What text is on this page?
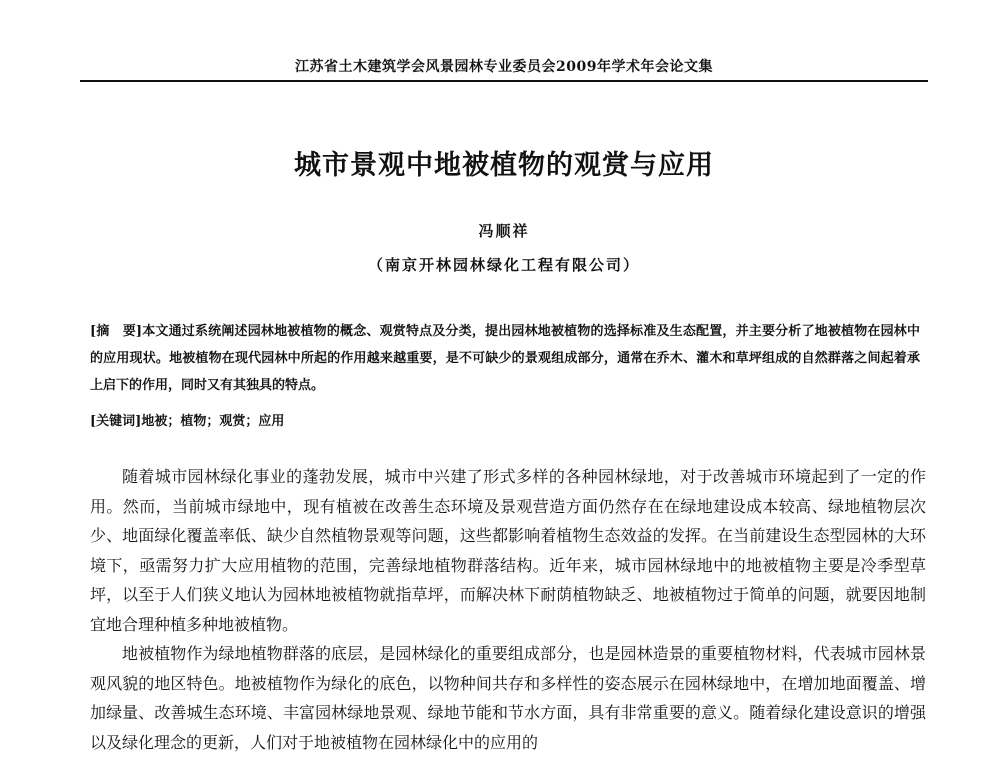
江苏省土木建筑学会风景园林专业委员会2009年学术年会论文集
城市景观中地被植物的观赏与应用
冯顺祥
（南京开林园林绿化工程有限公司）

[摘　要]本文通过系统阐述园林地被植物的概念、观赏特点及分类，提出园林地被植物的选择标准及生态配置，并主要分析了地被植物在园林中的应用现状。地被植物在现代园林中所起的作用越来越重要，是不可缺少的景观组成部分，通常在乔木、灌木和草坪组成的自然群落之间起着承上启下的作用，同时又有其独具的特点。

[关键词]地被；植物；观赏；应用

随着城市园林绿化事业的蓬勃发展，城市中兴建了形式多样的各种园林绿地，对于改善城市环境起到了一定的作用。然而，当前城市绿地中，现有植被在改善生态环境及景观营造方面仍然存在在绿地建设成本较高、绿地植物层次少、地面绿化覆盖率低、缺少自然植物景观等问题，这些都影响着植物生态效益的发挥。在当前建设生态型园林的大环境下，亟需努力扩大应用植物的范围，完善绿地植物群落结构。近年来，城市园林绿地中的地被植物主要是冷季型草坪，以至于人们狭义地认为园林地被植物就指草坪，而解决林下耐荫植物缺乏、地被植物过于简单的问题，就要因地制宜地合理种植多种地被植物。

地被植物作为绿地植物群落的底层，是园林绿化的重要组成部分，也是园林造景的重要植物材料，代表城市园林景观风貌的地区特色。地被植物作为绿化的底色，以物种间共存和多样性的姿态展示在园林绿地中，在增加地面覆盖、增加绿量、改善城生态环境、丰富园林绿地景观、绿地节能和节水方面，具有非常重要的意义。随着绿化建设意识的增强以及绿化理念的更新，人们对于地被植物在园林绿化中的应用的
